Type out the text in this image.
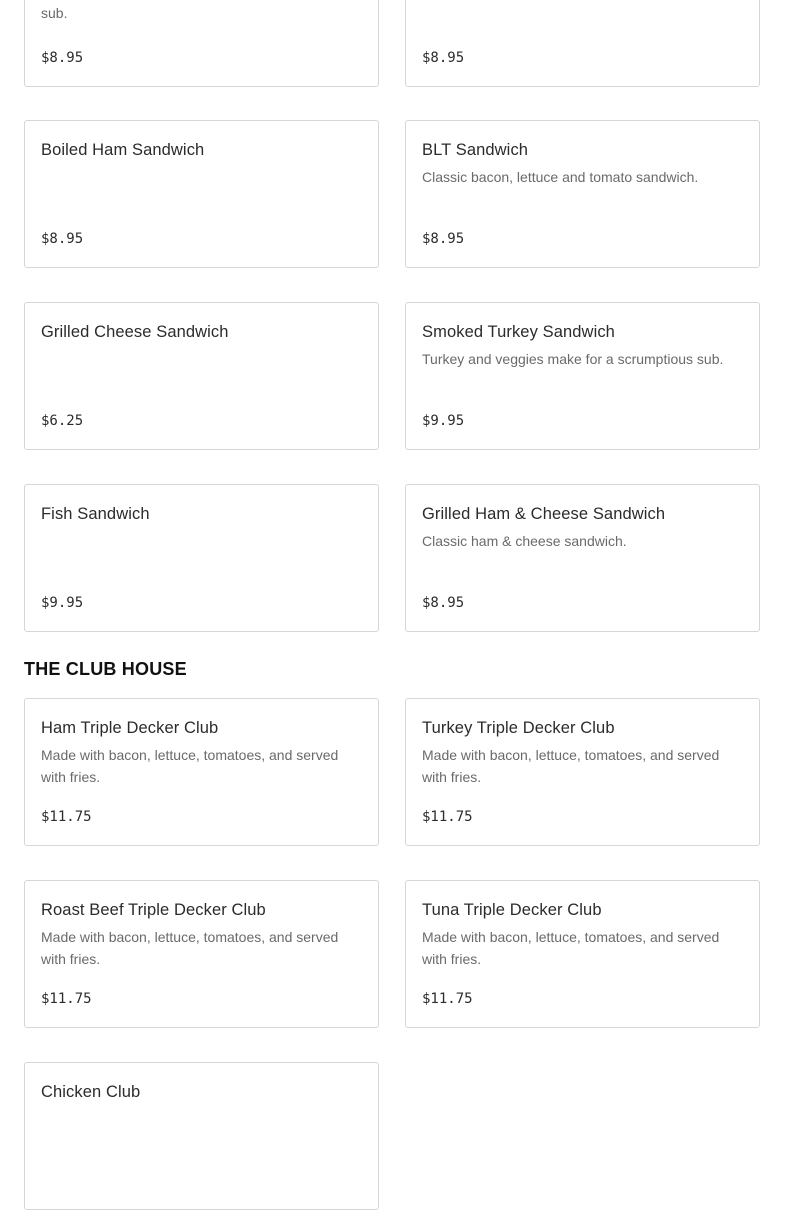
sub.
$8.95	$8.95
Boiled Ham Sandwich
$8.95
BLT Sandwich
Classic bacon, lettuce and tomato sandwich.
$8.95
Grilled Cheese Sandwich
$6.25
Smoked Turkey Sandwich
Turkey and veggies make for a scrumptious sub.
$9.95
Fish Sandwich
$9.95
Grilled Ham & Cheese Sandwich
Classic ham & cheese sandwich.
$8.95
THE CLUB HOUSE
Ham Triple Decker Club
Made with bacon, lettuce, tomatoes, and served with fries.
$11.75
Turkey Triple Decker Club
Made with bacon, lettuce, tomatoes, and served with fries.
$11.75
Roast Beef Triple Decker Club
Made with bacon, lettuce, tomatoes, and served with fries.
$11.75
Tuna Triple Decker Club
Made with bacon, lettuce, tomatoes, and served with fries.
$11.75
Chicken Club
